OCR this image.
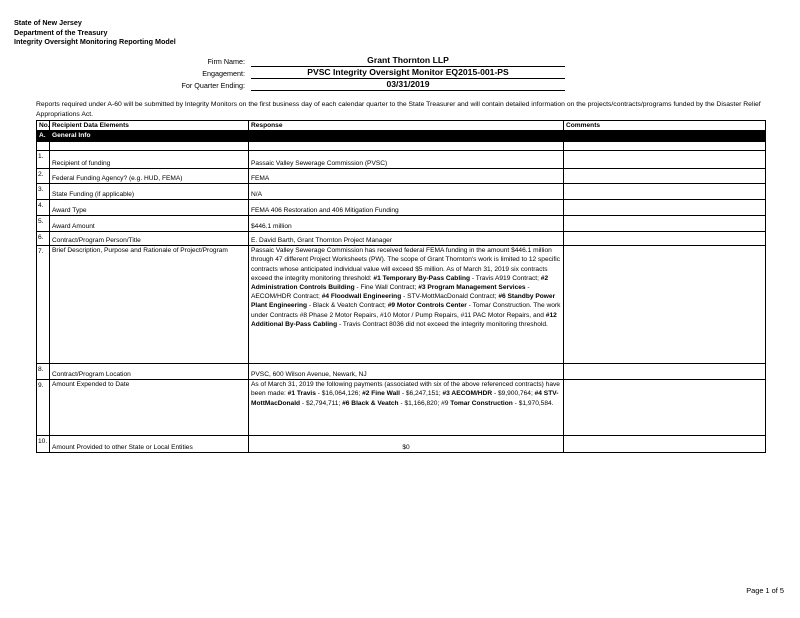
State of New Jersey
Department of the Treasury
Integrity Oversight Monitoring Reporting Model
Firm Name:	Grant Thornton LLP
Engagement:	PVSC Integrity Oversight Monitor EQ2015-001-PS
For Quarter Ending:	03/31/2019
Reports required under A-60 will be submitted by Integrity Monitors on the first business day of each calendar quarter to the State Treasurer and will contain detailed information on the projects/contracts/programs funded by the Disaster Relief Appropriations Act.
No.	Recipient Data Elements	Response	Comments
A.	General Info		

1.	Recipient of funding	Passaic Valley Sewerage Commission (PVSC)	
2.	Federal Funding Agency? (e.g. HUD, FEMA)	FEMA	
3.	State Funding (if applicable)	N/A	
4.	Award Type	FEMA 406 Restoration and 406 Mitigation Funding	
5.	Award Amount	$446.1 million	
6.	Contract/Program Person/Title	E. David Barth, Grant Thornton Project Manager	
7.	Brief Description, Purpose and Rationale of Project/Program	Passaic Valley Sewerage Commission has received federal FEMA funding in the amount $446.1 million through 47 different Project Worksheets (PW). The scope of Grant Thornton's work is limited to 12 specific contracts whose anticipated individual value will exceed $5 million. As of March 31, 2019 six contracts exceed the integrity monitoring threshold: #1 Temporary By-Pass Cabling - Travis A919 Contract; #2 Administration Controls Building - Fine Wall Contract; #3 Program Management Services - AECOM/HDR Contract; #4 Floodwall Engineering - STV-MottMacDonald Contract; #6 Standby Power Plant Engineering - Black & Veatch Contract; #9 Motor Controls Center - Tomar Construction. The work under Contracts #8 Phase 2 Motor Repairs, #10 Motor / Pump Repairs, #11 PAC Motor Repairs, and #12 Additional By-Pass Cabling - Travis Contract 8036 did not exceed the integrity monitoring threshold.	
8.	Contract/Program Location	PVSC, 600 Wilson Avenue, Newark, NJ	
9.	Amount Expended to Date	As of March 31, 2019 the following payments (associated with six of the above referenced contracts) have been made: #1 Travis - $16,064,126; #2 Fine Wall - $6,247,151; #3 AECOM/HDR - $9,900,764; #4 STV-MottMacDonald - $2,794,711; #6 Black & Veatch - $1,166,820; #9 Tomar Construction - $1,970,584.	
10.	Amount Provided to other State or Local Entities	$0	
Page 1 of 5
